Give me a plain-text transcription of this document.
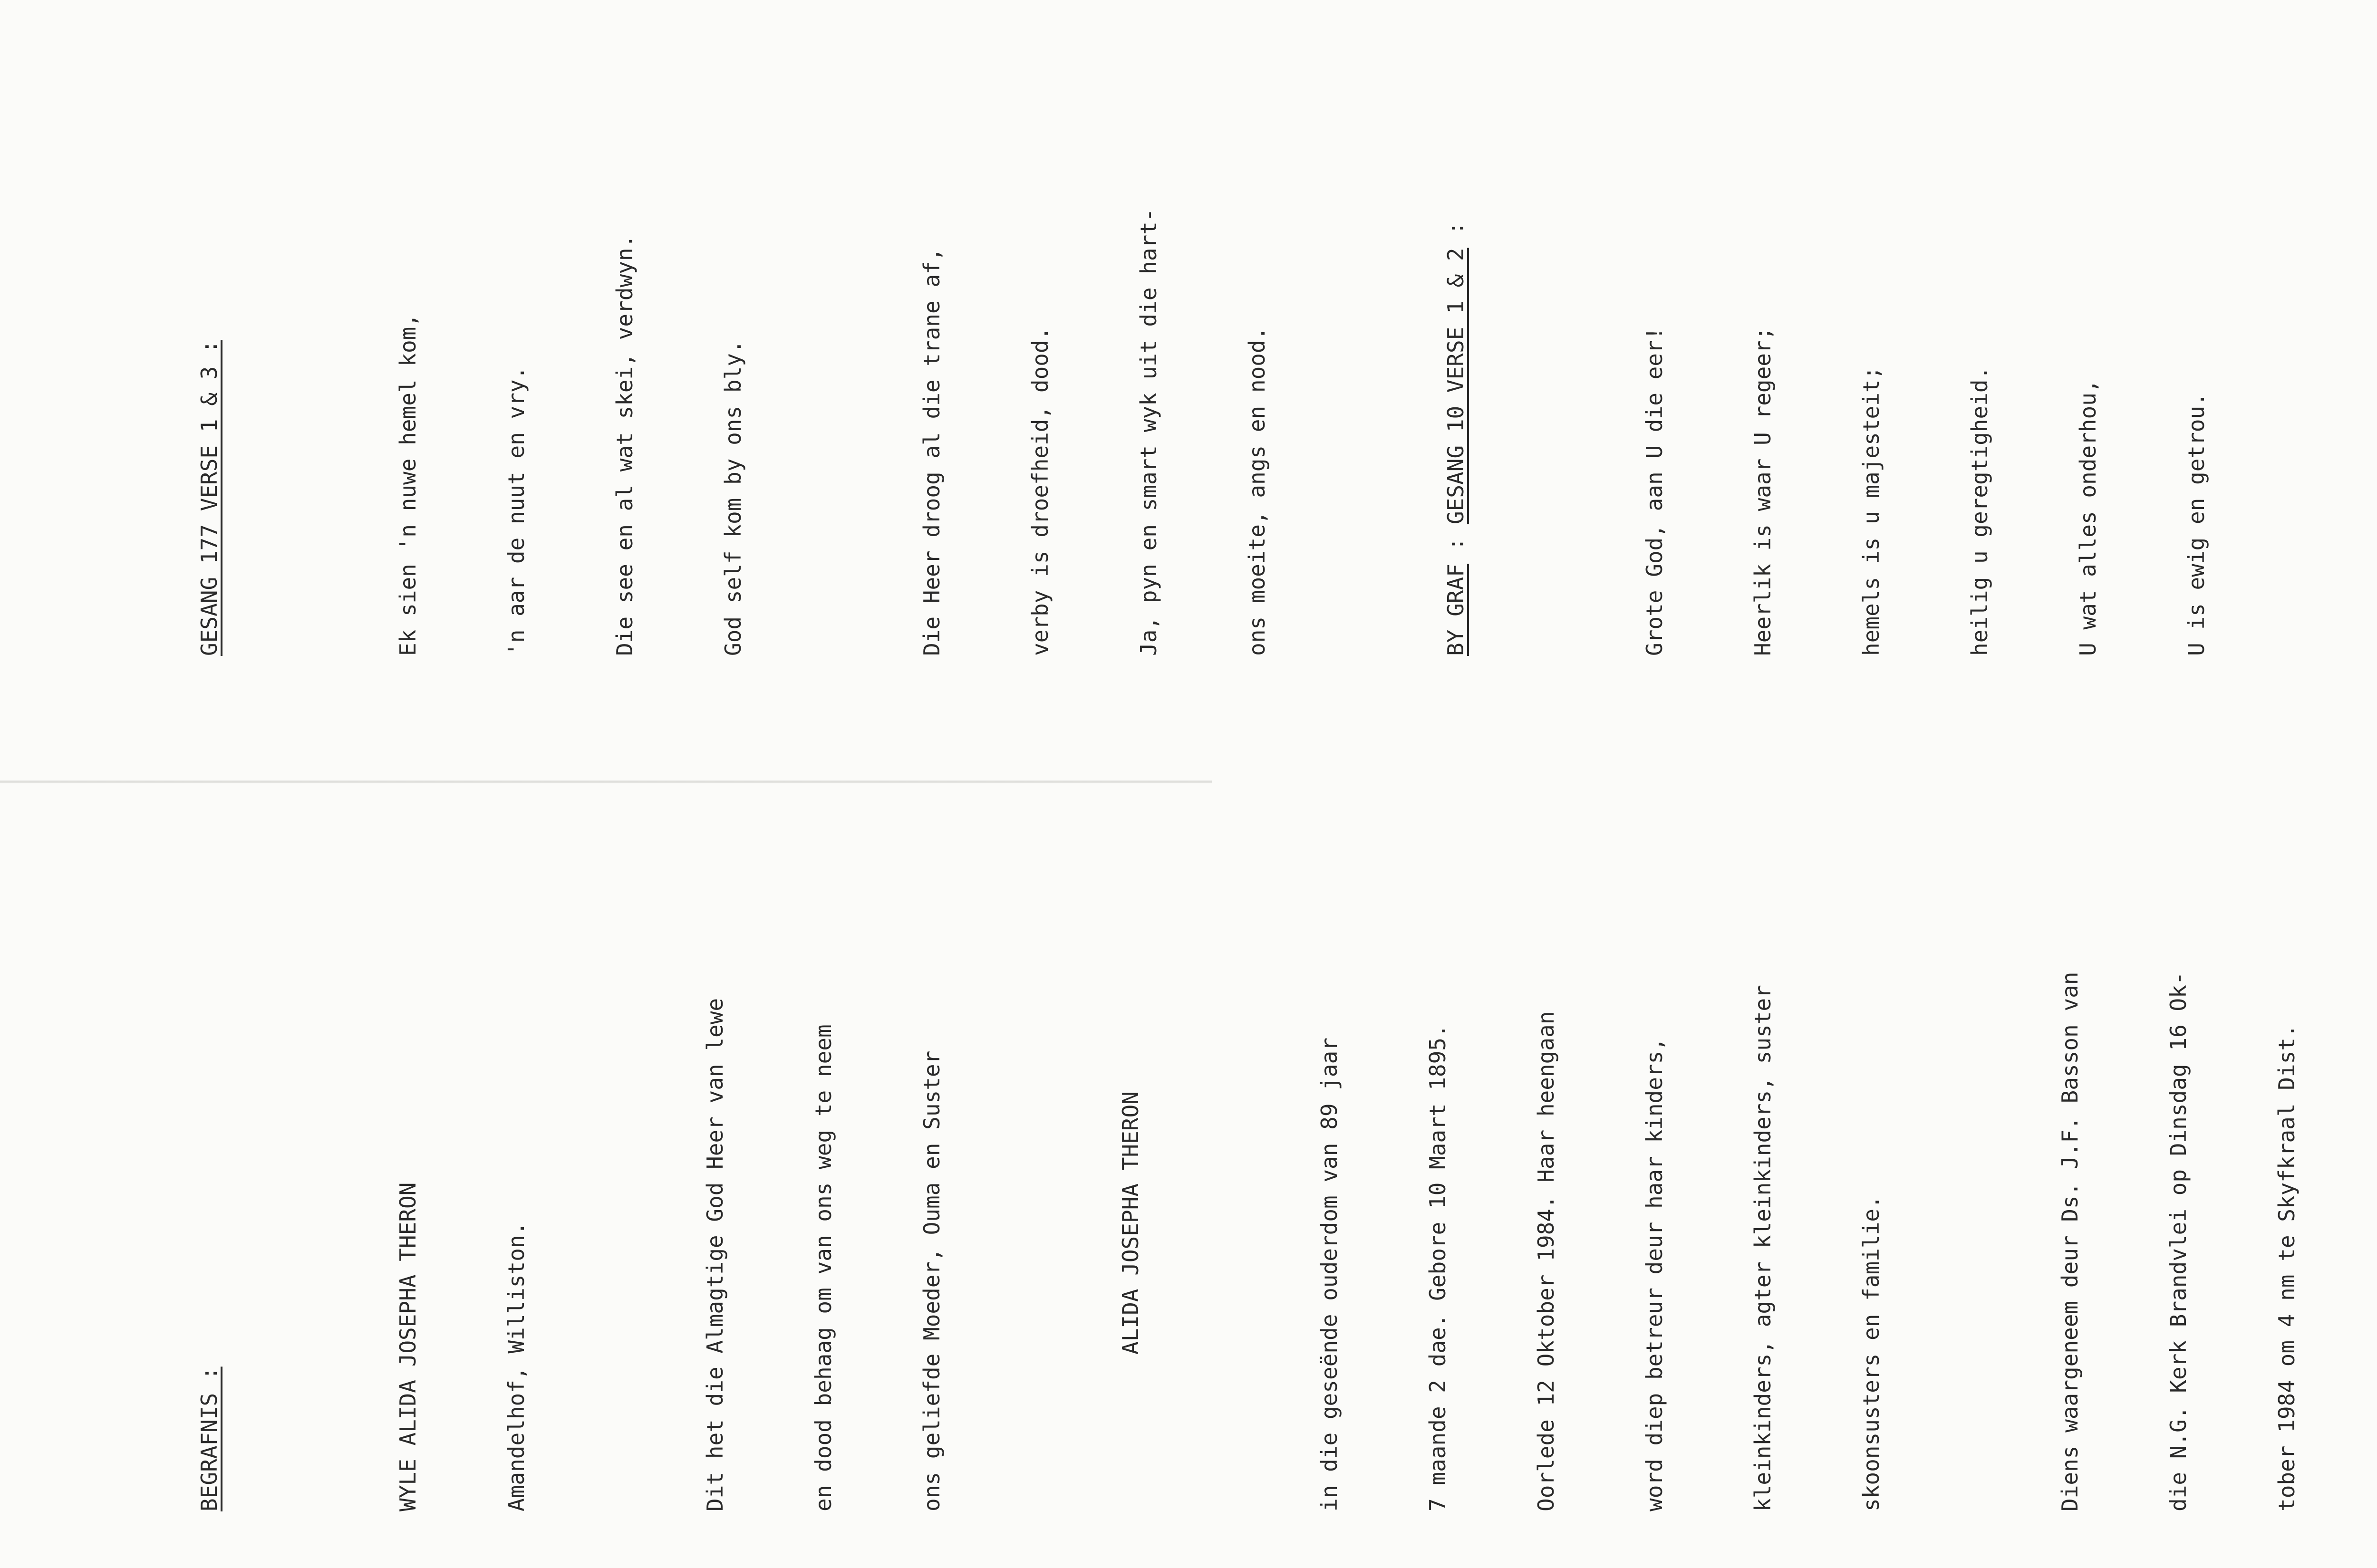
BEGRAFNIS :

	WYLE ALIDA JOSEPHA THERON

	Amandelhof, Williston.

	Dit het die Almagtige God Heer van lewe

	en dood behaag om van ons weg te neem

	ons geliefde Moeder, Ouma en Suster

	ALIDA JOSEPHA THERON

	in die geseënde ouderdom van 89 jaar

	7 maande 2 dae. Gebore 10 Maart 1895.

	Oorlede 12 Oktober 1984. Haar heengaan

	word diep betreur deur haar kinders,

	kleinkinders, agter kleinkinders, suster

	skoonsusters en familie.

	Diens waargeneem deur Ds. J.F. Basson van

	die N.G. Kerk Brandvlei op Dinsdag 16 Ok-

	tober 1984 om 4 nm te Skyfkraal Dist.

GESANG 177 VERSE 1 & 3 :

	Ek sien 'n nuwe hemel kom,

	'n aar de nuut en vry.

	Die see en al wat skei, verdwyn.

	God self kom by ons bly.

	Die Heer droog al die trane af,

	verby is droefheid, dood.

	Ja, pyn en smart wyk uit die hart-

	ons moeite, angs en nood.

	BY GRAF : GESANG 10 VERSE 1 & 2 :

Grote God, aan U die eer!

	Heerlik is waar U regeer;

	hemels is u majesteit;

	heilig u geregtigheid.

	U wat alles onderhou,

	U is ewig en getrou.
